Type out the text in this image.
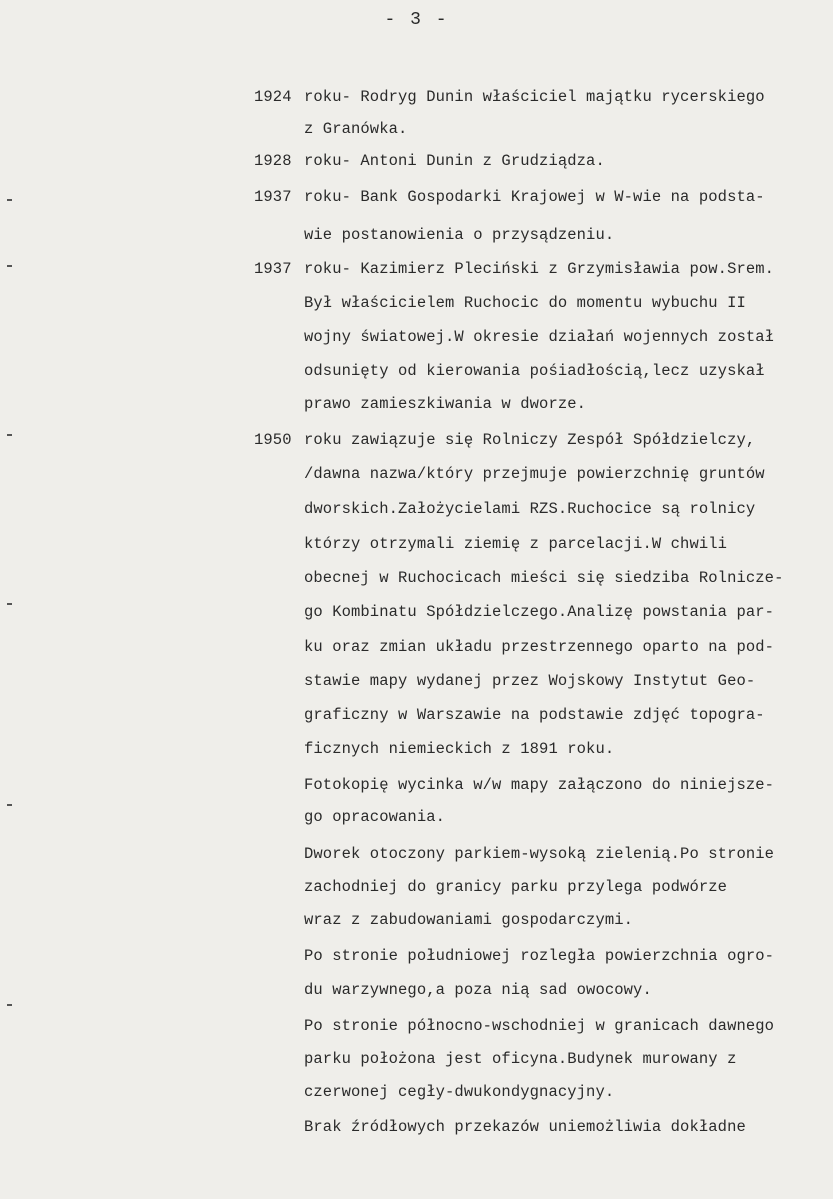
- 3 -
1924 roku- Rodryg Dunin właściciel majątku rycerskiego
z Granówka.
1928 roku- Antoni Dunin z Grudziądza.
1937 roku- Bank Gospodarki Krajowej w W-wie na podsta-
wie postanowienia o przysądzeniu.
1937 roku- Kazimierz Pleciński z Grzymisławia pow.Srem.
Był właścicielem Ruchocic do momentu wybuchu II
wojny światowej.W okresie działań wojennych został
odsunięty od kierowania pośiadłością,lecz uzyskał
prawo zamieszkiwania w dworze.
1950 roku zawiązuje się Rolniczy Zespół Spółdzielczy,
/dawna nazwa/który przejmuje powierzchnię gruntów
dworskich.Założycielami RZS.Ruchocice są rolnicy
którzy otrzymali ziemię z parcelacji.W chwili
obecnej w Ruchocicach mieści się siedziba Rolnicze-
go Kombinatu Spółdzielczego.Analizę powstania par-
ku oraz zmian układu przestrzennego oparto na pod-
stawie mapy wydanej przez Wojskowy Instytut Geo-
graficzny w Warszawie na podstawie zdjęć topogra-
ficznych niemieckich z 1891 roku.
Fotokopię wycinka w/w mapy załączono do niniejsze-
go opracowania.
Dworek otoczony parkiem-wysoką zielenią.Po stronie
zachodniej do granicy parku przylega podwórze
wraz z zabudowaniami gospodarczymi.
Po stronie południowej rozległa powierzchnia ogro-
du warzywnego,a poza nią sad owocowy.
Po stronie północno-wschodniej w granicach dawnego
parku położona jest oficyna.Budynek murowany z
czerwonej cegły-dwukondygnacyjny.
Brak źródłowych przekazów uniemożliwia dokładne
